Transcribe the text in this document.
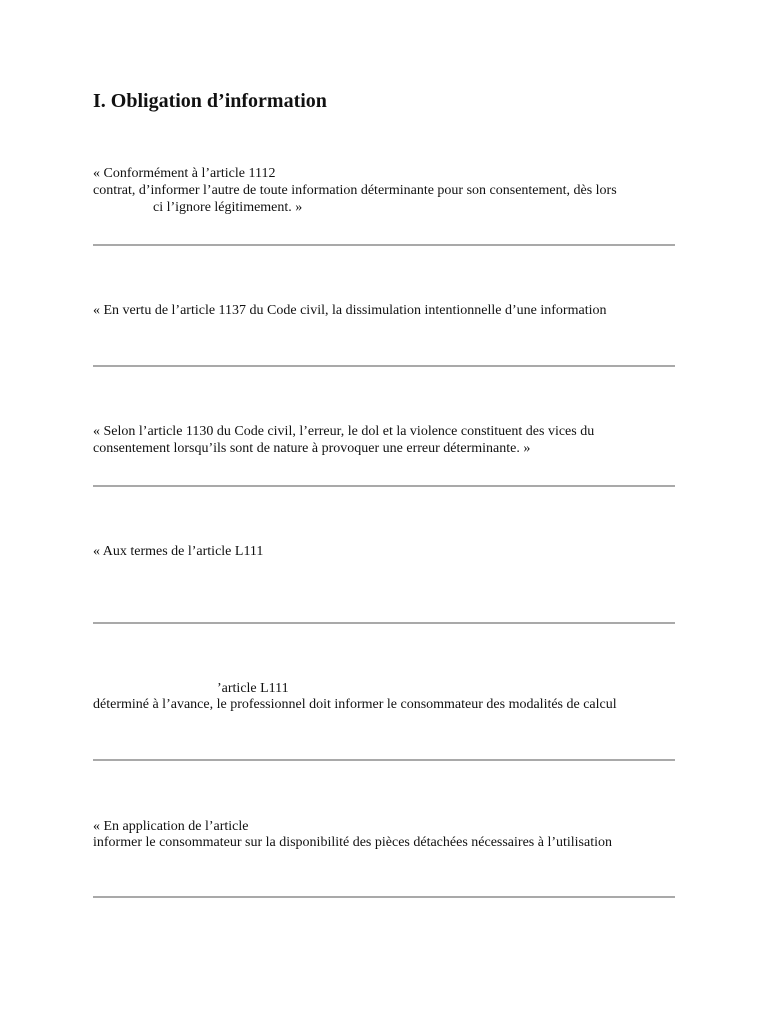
I. Obligation d’information

« Conformément à l’article 1112

contrat, d’informer l’autre de toute information déterminante pour son consentement, dès lors

ci l’ignore légitimement. »

« En vertu de l’article 1137 du Code civil, la dissimulation intentionnelle d’une information

« Selon l’article 1130 du Code civil, l’erreur, le dol et la violence constituent des vices du

consentement lorsqu’ils sont de nature à provoquer une erreur déterminante. »

« Aux termes de l’article L111

’article L111

déterminé à l’avance, le professionnel doit informer le consommateur des modalités de calcul

« En application de l’article

informer le consommateur sur la disponibilité des pièces détachées nécessaires à l’utilisation
